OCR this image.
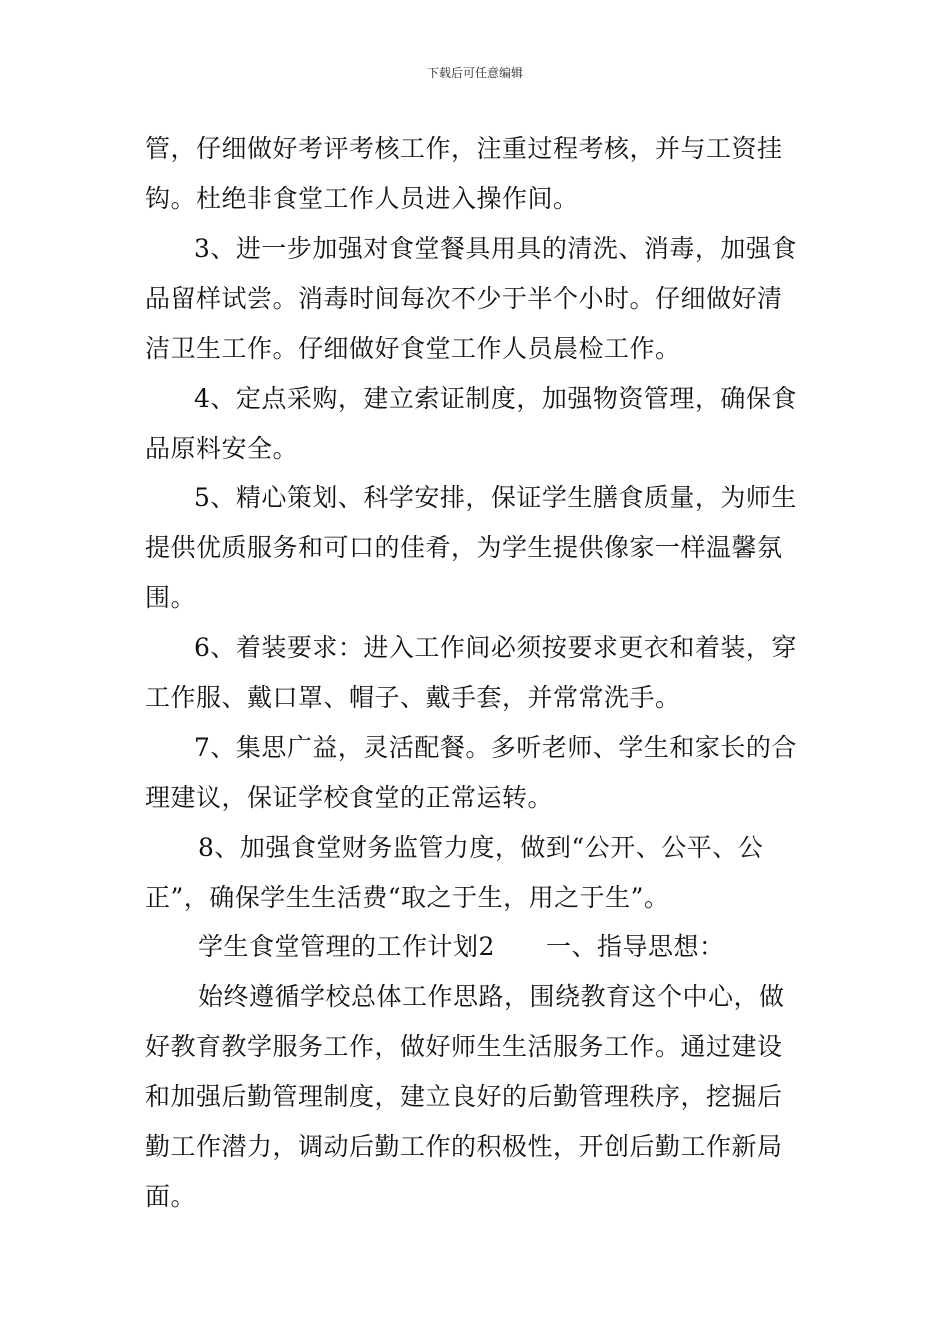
下载后可任意编辑
管，仔细做好考评考核工作，注重过程考核，并与工资挂
钩。杜绝非食堂工作人员进入操作间。
3、进一步加强对食堂餐具用具的清洗、消毒，加强食
品留样试尝。消毒时间每次不少于半个小时。仔细做好清
洁卫生工作。仔细做好食堂工作人员晨检工作。
4、定点采购，建立索证制度，加强物资管理，确保食
品原料安全。
5、精心策划、科学安排，保证学生膳食质量，为师生
提供优质服务和可口的佳肴，为学生提供像家一样温馨氛
围。
6、着装要求：进入工作间必须按要求更衣和着装，穿
工作服、戴口罩、帽子、戴手套，并常常洗手。
7、集思广益，灵活配餐。多听老师、学生和家长的合
理建议，保证学校食堂的正常运转。
8、加强食堂财务监管力度，做到“公开、公平、公
正”，确保学生生活费“取之于生，用之于生”。
学生食堂管理的工作计划2 一、指导思想：
始终遵循学校总体工作思路，围绕教育这个中心，做
好教育教学服务工作，做好师生生活服务工作。通过建设
和加强后勤管理制度，建立良好的后勤管理秩序，挖掘后
勤工作潜力，调动后勤工作的积极性，开创后勤工作新局
面。
